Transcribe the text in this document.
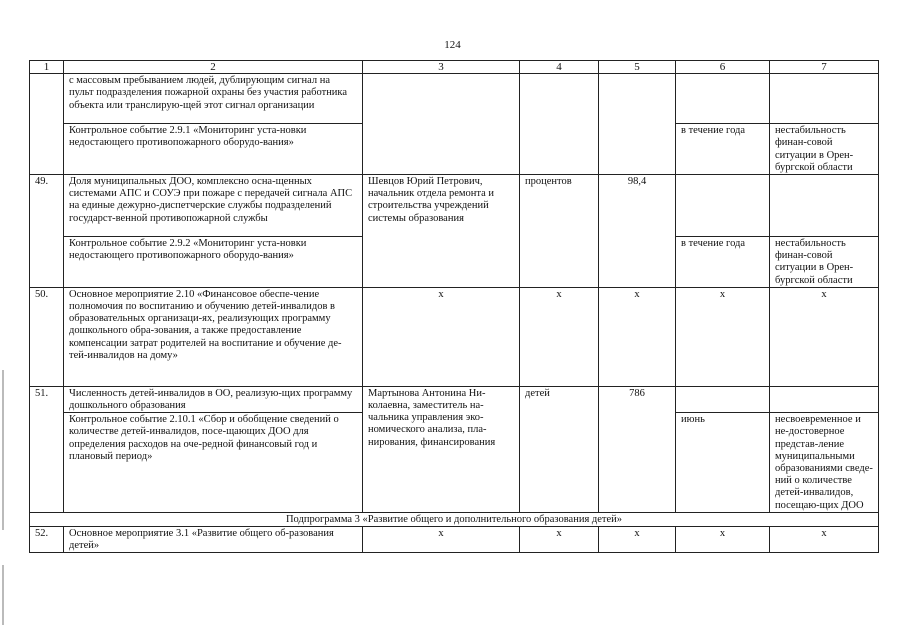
124
1	2	3	4	5	6	7
	с массовым пребыванием людей, дублирующим сигнал на пульт подразделения пожарной охраны без участия работника объекта или транслирую-щей этот сигнал организации					
	Контрольное событие 2.9.1 «Мониторинг уста-новки недостающего противопожарного оборудо-вания»				в течение года	нестабильность финан-совой ситуации в Орен-бургской области
49.	Доля муниципальных ДОО, комплексно осна-щенных системами АПС и СОУЭ при пожаре с передачей сигнала АПС на единые дежурно-диспетчерские службы подразделений государст-венной противопожарной службы	Шевцов Юрий Петрович, начальник отдела ремонта и строительства учреждений системы образования	процентов	98,4		
	Контрольное событие 2.9.2 «Мониторинг уста-новки недостающего противопожарного оборудо-вания»				в течение года	нестабильность финан-совой ситуации в Орен-бургской области
50.	Основное мероприятие 2.10 «Финансовое обеспе-чение полномочия по воспитанию и обучению детей-инвалидов в образовательных организаци-ях, реализующих программу дошкольного обра-зования, а также предоставление компенсации затрат родителей на воспитание и обучение де-тей-инвалидов на дому»	х	х	х	х	х
51.	Численность детей-инвалидов в ОО, реализую-щих программу дошкольного образования	Мартынова Антонина Ни-колаевна, заместитель на-чальника управления эко-номического анализа, пла-нирования, финансирования	детей	786		
	Контрольное событие 2.10.1 «Сбор и обобщение сведений о количестве детей-инвалидов, посе-щающих ДОО для определения расходов на оче-редной финансовый год и плановый период»				июнь	несвоевременное и не-достоверное представ-ление муниципальными образованиями сведе-ний о количестве детей-инвалидов, посещаю-щих ДОО
Подпрограмма 3 «Развитие общего и дополнительного образования детей»						
52.	Основное мероприятие 3.1 «Развитие общего об-разования детей»	х	х	х	х	х
